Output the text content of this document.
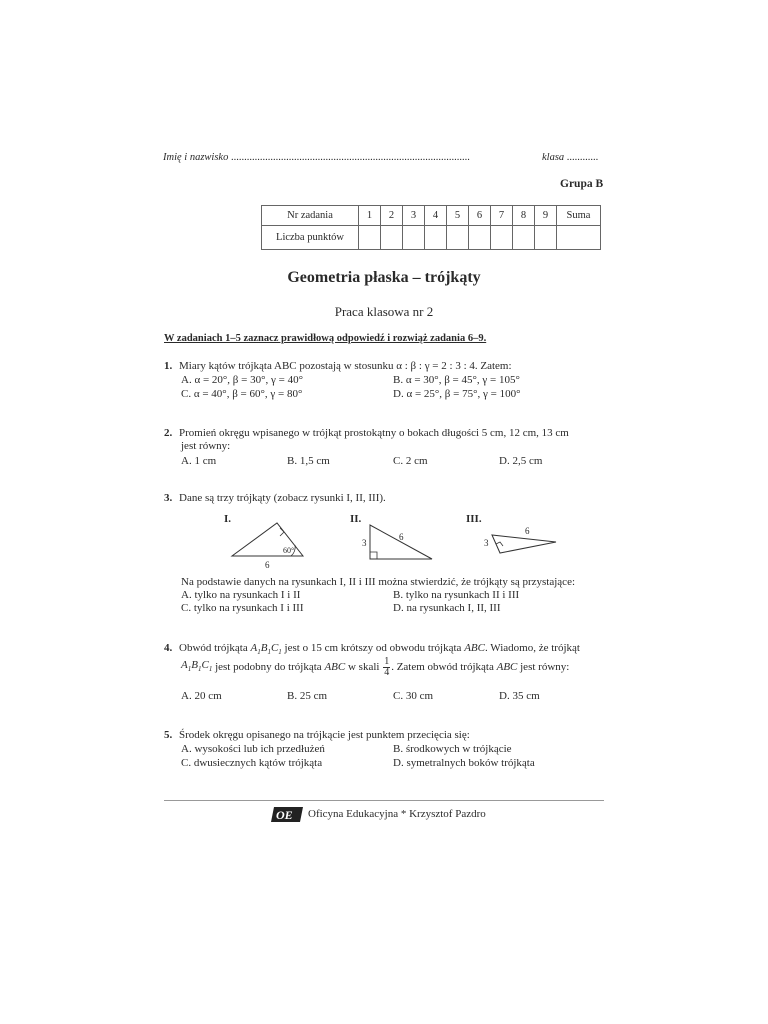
Imię i nazwisko ...........................................................................................	klasa ............
Grupa B
Nr zadania	1	2	3	4	5	6	7	8	9	Suma
Liczba punktów										
Geometria płaska – trójkąty
Praca klasowa nr 2
W zadaniach 1–5 zaznacz prawidłową odpowiedź i rozwiąż zadania 6–9.
1. Miary kątów trójkąta ABC pozostają w stosunku α : β : γ = 2 : 3 : 4. Zatem:
A. α = 20°, β = 30°, γ = 40°	B. α = 30°, β = 45°, γ = 105°
C. α = 40°, β = 60°, γ = 80°	D. α = 25°, β = 75°, γ = 100°
2. Promień okręgu wpisanego w trójkąt prostokątny o bokach długości 5 cm, 12 cm, 13 cm
jest równy:
A. 1 cm	B. 1,5 cm	C. 2 cm	D. 2,5 cm
3. Dane są trzy trójkąty (zobacz rysunki I, II, III).
I.
60°
6
II.
3
6
III.
3
6
Na podstawie danych na rysunkach I, II i III można stwierdzić, że trójkąty są przystające:
A. tylko na rysunkach I i II	B. tylko na rysunkach II i III
C. tylko na rysunkach I i III	D. na rysunkach I, II, III
4. Obwód trójkąta $A_1B_1C_1$ jest o 15 cm krótszy od obwodu trójkąta ABC. Wiadomo, że trójkąt
$A_1B_1C_1$ jest podobny do trójkąta ABC w skali $\frac{1}{4}$ . Zatem obwód trójkąta ABC jest równy:
A. 20 cm	B. 25 cm	C. 30 cm	D. 35 cm
5. Środek okręgu opisanego na trójkącie jest punktem przecięcia się:
A. wysokości lub ich przedłużeń	B. środkowych w trójkącie
C. dwusiecznych kątów trójkąta	D. symetralnych boków trójkąta
OE Oficyna Edukacyjna * Krzysztof Pazdro
